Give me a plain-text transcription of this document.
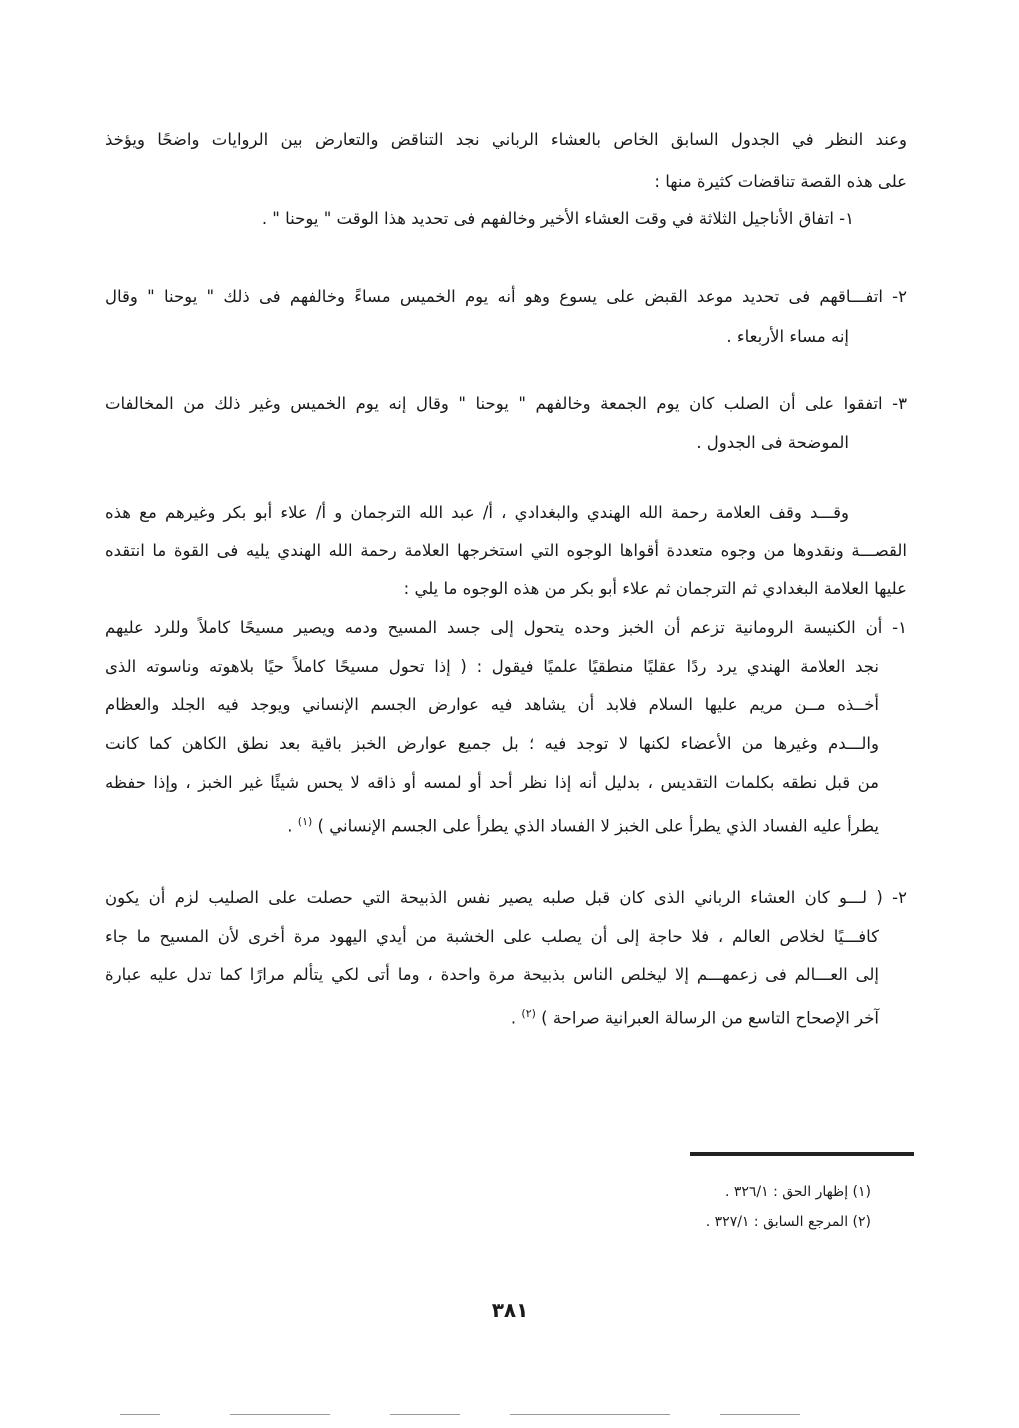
وعند النظر في الجدول السابق الخاص بالعشاء الرباني نجد التناقض والتعارض بين الروايات واضحًا ويؤخذ
على هذه القصة تناقضات كثيرة منها :
١- اتفاق الأناجيل الثلاثة في وقت العشاء الأخير وخالفهم فى تحديد هذا الوقت " يوحنا " .
٢- اتفـــاقهم فى تحديد موعد القبض على يسوع وهو أنه يوم الخميس مساءً وخالفهم فى ذلك " يوحنا " وقال
إنه مساء الأربعاء .
٣- اتفقوا على أن الصلب كان يوم الجمعة وخالفهم " يوحنا " وقال إنه يوم الخميس وغير ذلك من المخالفات
الموضحة فى الجدول .
وقـــد وقف العلامة رحمة الله الهندي والبغدادي ، أ/ عبد الله الترجمان و أ/ علاء أبو بكر وغيرهم مع هذه
القصـــة ونقدوها من وجوه متعددة أقواها الوجوه التي استخرجها العلامة رحمة الله الهندي يليه فى القوة ما انتقده
عليها العلامة البغدادي ثم الترجمان ثم علاء أبو بكر من هذه الوجوه ما يلي :
١- أن الكنيسة الرومانية تزعم أن الخبز وحده يتحول إلى جسد المسيح ودمه ويصير مسيحًا كاملاً وللرد عليهم
نجد العلامة الهندي يرد ردًا عقليًا منطقيًا علميًا فيقول : ( إذا تحول مسيحًا كاملاً حيًا بلاهوته وناسوته الذى
أخــذه مــن مريم عليها السلام فلابد أن يشاهد فيه عوارض الجسم الإنساني ويوجد فيه الجلد والعظام
والـــدم وغيرها من الأعضاء لكنها لا توجد فيه ؛ بل جميع عوارض الخبز باقية بعد نطق الكاهن كما كانت
من قبل نطقه بكلمات التقديس ، بدليل أنه إذا نظر أحد أو لمسه أو ذاقه لا يحس شيئًا غير الخبز ، وإذا حفظه
يطرأ عليه الفساد الذي يطرأ على الخبز لا الفساد الذي يطرأ على الجسم الإنساني ) $^{(١)}$ .
٢- ( لـــو كان العشاء الرباني الذى كان قبل صلبه يصير نفس الذبيحة التي حصلت على الصليب لزم أن يكون
كافـــيًا لخلاص العالم ، فلا حاجة إلى أن يصلب على الخشبة من أيدي اليهود مرة أخرى لأن المسيح ما جاء
إلى العـــالم فى زعمهـــم إلا ليخلص الناس بذبيحة مرة واحدة ، وما أتى لكي يتألم مرارًا كما تدل عليه عبارة
آخر الإصحاح التاسع من الرسالة العبرانية صراحة ) $^{(٢)}$ .
(١) إظهار الحق : ٣٢٦/١ .
(٢) المرجع السابق : ٣٢٧/١ .
٣٨١
